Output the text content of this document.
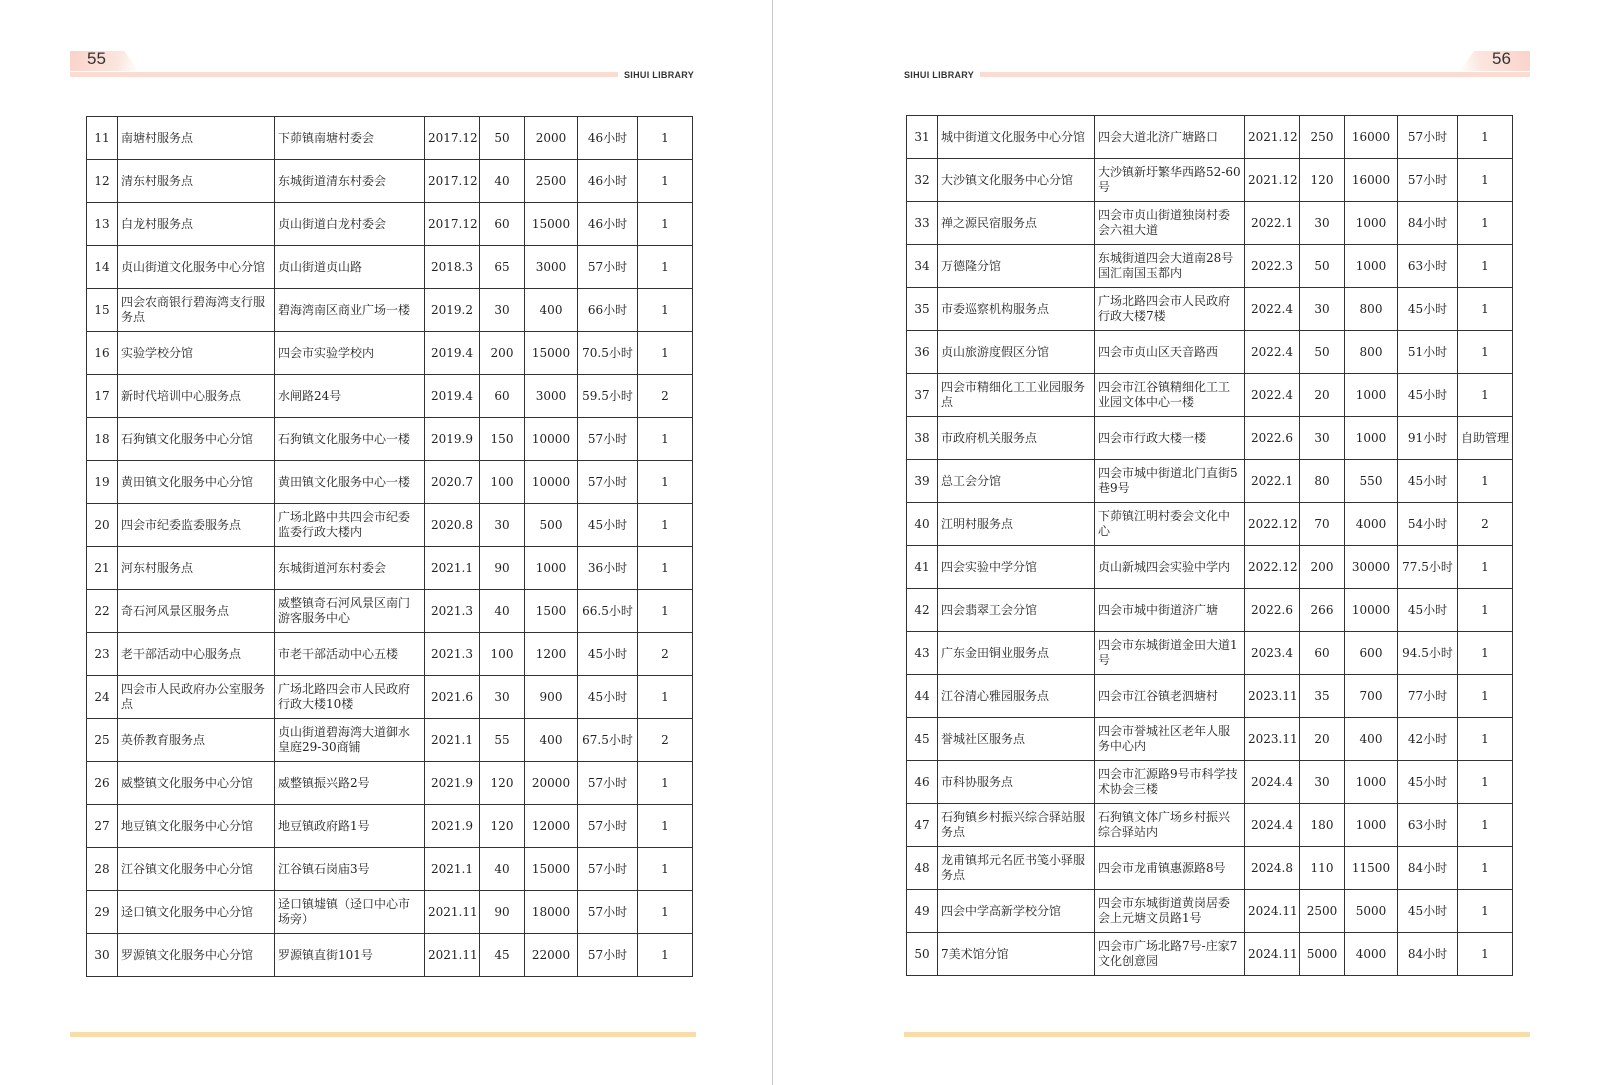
55
SIHUI LIBRARY
11	南塘村服务点	下茆镇南塘村委会	2017.12	50	2000	46小时	1
12	清东村服务点	东城街道清东村委会	2017.12	40	2500	46小时	1
13	白龙村服务点	贞山街道白龙村委会	2017.12	60	15000	46小时	1
14	贞山街道文化服务中心分馆	贞山街道贞山路	2018.3	65	3000	57小时	1
15	四会农商银行碧海湾支行服务点	碧海湾南区商业广场一楼	2019.2	30	400	66小时	1
16	实验学校分馆	四会市实验学校内	2019.4	200	15000	70.5小时	1
17	新时代培训中心服务点	水闸路24号	2019.4	60	3000	59.5小时	2
18	石狗镇文化服务中心分馆	石狗镇文化服务中心一楼	2019.9	150	10000	57小时	1
19	黄田镇文化服务中心分馆	黄田镇文化服务中心一楼	2020.7	100	10000	57小时	1
20	四会市纪委监委服务点	广场北路中共四会市纪委监委行政大楼内	2020.8	30	500	45小时	1
21	河东村服务点	东城街道河东村委会	2021.1	90	1000	36小时	1
22	奇石河风景区服务点	威整镇奇石河风景区南门游客服务中心	2021.3	40	1500	66.5小时	1
23	老干部活动中心服务点	市老干部活动中心五楼	2021.3	100	1200	45小时	2
24	四会市人民政府办公室服务点	广场北路四会市人民政府行政大楼10楼	2021.6	30	900	45小时	1
25	英侨教育服务点	贞山街道碧海湾大道御水皇庭29-30商铺	2021.1	55	400	67.5小时	2
26	威整镇文化服务中心分馆	威整镇振兴路2号	2021.9	120	20000	57小时	1
27	地豆镇文化服务中心分馆	地豆镇政府路1号	2021.9	120	12000	57小时	1
28	江谷镇文化服务中心分馆	江谷镇石岗庙3号	2021.1	40	15000	57小时	1
29	迳口镇文化服务中心分馆	迳口镇墟镇（迳口中心市场旁）	2021.11	90	18000	57小时	1
30	罗源镇文化服务中心分馆	罗源镇直街101号	2021.11	45	22000	57小时	1
56
SIHUI LIBRARY
31	城中街道文化服务中心分馆	四会大道北济广塘路口	2021.12	250	16000	57小时	1
32	大沙镇文化服务中心分馆	大沙镇新圩繁华西路52-60号	2021.12	120	16000	57小时	1
33	禅之源民宿服务点	四会市贞山街道独岗村委会六祖大道	2022.1	30	1000	84小时	1
34	万德隆分馆	东城街道四会大道南28号国汇南国玉都内	2022.3	50	1000	63小时	1
35	市委巡察机构服务点	广场北路四会市人民政府行政大楼7楼	2022.4	30	800	45小时	1
36	贞山旅游度假区分馆	四会市贞山区天音路西	2022.4	50	800	51小时	1
37	四会市精细化工工业园服务点	四会市江谷镇精细化工工业园文体中心一楼	2022.4	20	1000	45小时	1
38	市政府机关服务点	四会市行政大楼一楼	2022.6	30	1000	91小时	自助管理
39	总工会分馆	四会市城中街道北门直街5巷9号	2022.1	80	550	45小时	1
40	江明村服务点	下茆镇江明村委会文化中心	2022.12	70	4000	54小时	2
41	四会实验中学分馆	贞山新城四会实验中学内	2022.12	200	30000	77.5小时	1
42	四会翡翠工会分馆	四会市城中街道济广塘	2022.6	266	10000	45小时	1
43	广东金田铜业服务点	四会市东城街道金田大道1号	2023.4	60	600	94.5小时	1
44	江谷清心雅园服务点	四会市江谷镇老泗塘村	2023.11	35	700	77小时	1
45	誉城社区服务点	四会市誉城社区老年人服务中心内	2023.11	20	400	42小时	1
46	市科协服务点	四会市汇源路9号市科学技术协会三楼	2024.4	30	1000	45小时	1
47	石狗镇乡村振兴综合驿站服务点	石狗镇文体广场乡村振兴综合驿站内	2024.4	180	1000	63小时	1
48	龙甫镇邦元名匠书笺小驿服务点	四会市龙甫镇惠源路8号	2024.8	110	11500	84小时	1
49	四会中学高新学校分馆	四会市东城街道黄岗居委会上元塘文员路1号	2024.11	2500	5000	45小时	1
50	7美术馆分馆	四会市广场北路7号-庄家7文化创意园	2024.11	5000	4000	84小时	1
